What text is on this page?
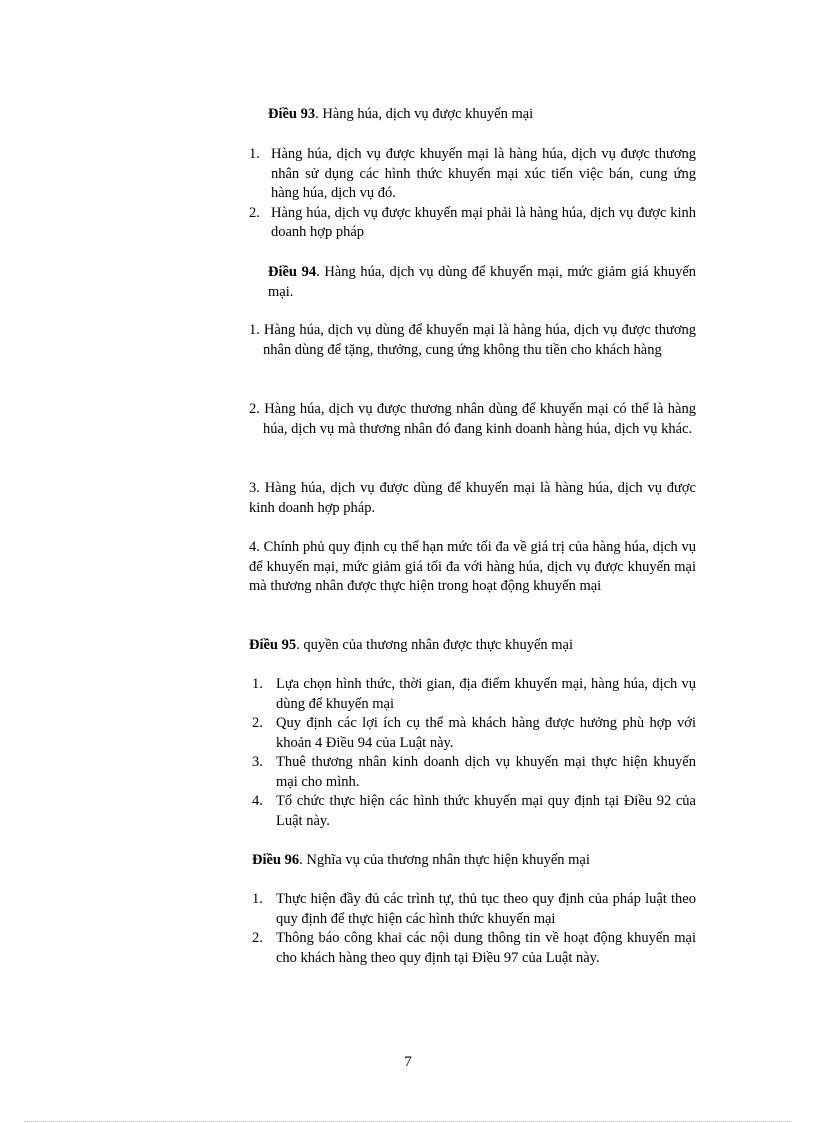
Điều 93. Hàng húa, dịch vụ được khuyến mại
1. Hàng húa, dịch vụ được khuyến mại là hàng húa, dịch vụ được thương nhân sử dụng các hình thức khuyến mại xúc tiến việc bán, cung ứng hàng húa, dịch vụ đó.
2. Hàng húa, dịch vụ được khuyến mại phải là hàng húa, dịch vụ được kinh doanh hợp pháp
Điều 94. Hàng húa, dịch vụ dùng để khuyến mại, mức giảm giá khuyến mại.
1. Hàng húa, dịch vụ dùng để khuyến mại là hàng húa, dịch vụ được thương nhân dùng để tặng, thưởng, cung ứng không thu tiền cho khách hàng
2. Hàng húa, dịch vụ được thương nhân dùng để khuyến mại có thể là hàng húa, dịch vụ mà thương nhân đó đang kinh doanh hàng húa, dịch vụ khác.
3. Hàng húa, dịch vụ được dùng để khuyến mại là hàng húa, dịch vụ được kinh doanh hợp pháp.
4. Chính phủ quy định cụ thể hạn mức tối đa về giá trị của hàng húa, dịch vụ để khuyến mại, mức giảm giá tối đa với hàng húa, dịch vụ được khuyến mại mà thương nhân được thực hiện trong hoạt động khuyến mại
Điều 95. quyền của thương nhân được thực khuyến mại
1. Lựa chọn hình thức, thời gian, địa điểm khuyến mại, hàng húa, dịch vụ dùng để khuyến mại
2. Quy định các lợi ích cụ thể mà khách hàng được hưởng phù hợp với khoản 4 Điều 94 của Luật này.
3. Thuê thương nhân kinh doanh dịch vụ khuyến mại thực hiện khuyến mại cho mình.
4. Tổ chức thực hiện các hình thức khuyến mại quy định tại Điều 92 của Luật này.
Điều 96. Nghĩa vụ của thương nhân thực hiện khuyến mại
1. Thực hiện đầy đủ các trình tự, thủ tục theo quy định của pháp luật theo quy định để thực hiện các hình thức khuyến mại
2. Thông báo công khai các nội dung thông tin về hoạt động khuyến mại cho khách hàng theo quy định tại Điều 97 của Luật này.
7
